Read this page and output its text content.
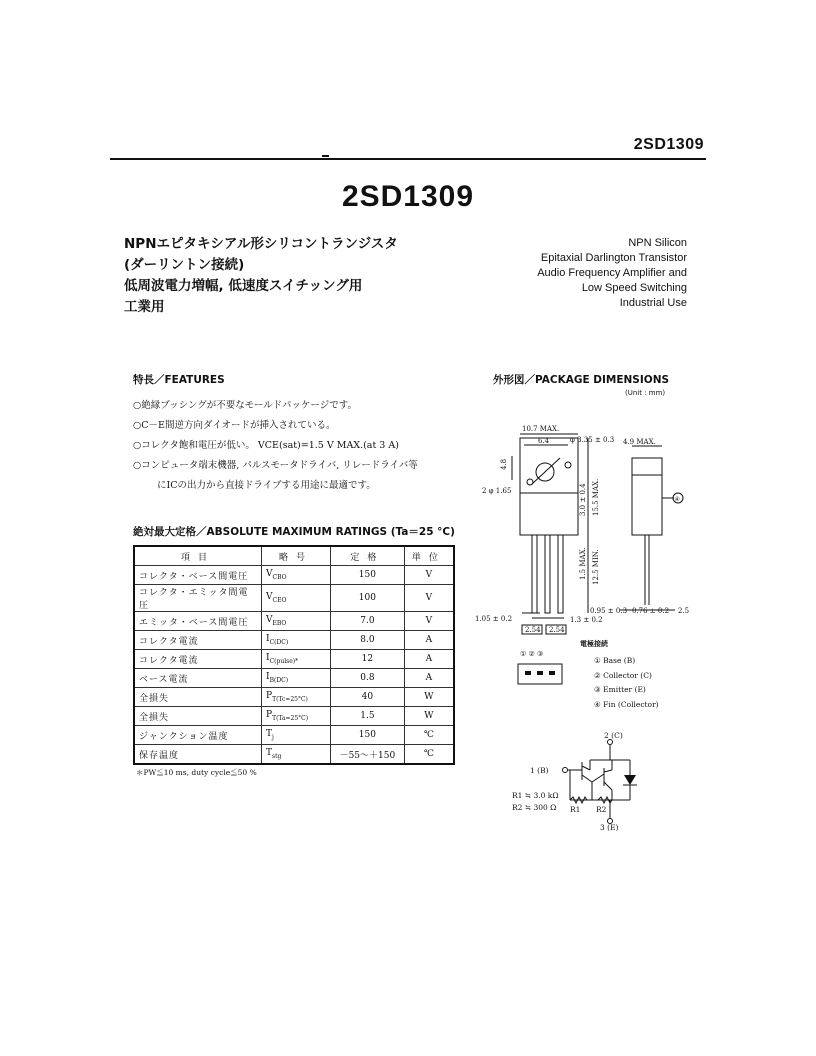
2SD1309
2SD1309
NPNエピタキシアル形シリコントランジスタ
(ダーリントン接続)
低周波電力増幅, 低速度スイチッング用
工業用
NPN Silicon
Epitaxial Darlington Transistor
Audio Frequency Amplifier and
Low Speed Switching
Industrial Use
特長／FEATURES
○絶縁ブッシングが不要なモールドパッケージです。
○C－E間逆方向ダイオードが挿入されている。
○コレクタ飽和電圧が低い。 VCE(sat)=1.5 V MAX.(at 3 A)
○コンピュータ端末機器, パルスモータドライバ, リレードライバ等
にICの出力から直接ドライブする用途に最適です。
絶対最大定格／ABSOLUTE MAXIMUM RATINGS (Ta＝25 °C)
項目	略号	定格	単位
コレクタ・ベース間電圧	$V_{CBO}$	150	V
コレクタ・エミッタ間電圧	$V_{CEO}$	100	V
エミッタ・ベース間電圧	$V_{EBO}$	7.0	V
コレクタ電流	$I_{C(DC)}$	8.0	A
コレクタ電流	$I_{C(pulse)*}$	12	A
ベース電流	$I_{B(DC)}$	0.8	A
全損失	$P_{T(Tc=25^\circ C)}$	40	W
全損失	$P_{T(Ta=25^\circ C)}$	1.5	W
ジャンクション温度	$T_j$	150	℃
保存温度	$T_{stg}$	－55～＋150	℃
＊PW≦10 ms, duty cycle≦50 %
外形図／PACKAGE DIMENSIONS
(Unit : mm)
10.7 MAX.
6.4	φ 3.35 ± 0.3 4.9 MAX.
4.8
2 φ 1.65	3.0 ± 0.4 15.5 MAX.
1.5 MAX. 12.5 MIN.
0.95 ± 0.3 0.76 ± 0.2 2.5
1.05 ± 0.2	1.3 ± 0.2
2.54 2.54
④
① ② ③
電極接続
① Base (B)
② Collector (C)
③ Emitter (E)
④ Fin (Collector)
2 (C)
1 (B)
R1 ≒ 3.0 kΩ
R2 ≒ 300 Ω R1 R2
3 (E)
